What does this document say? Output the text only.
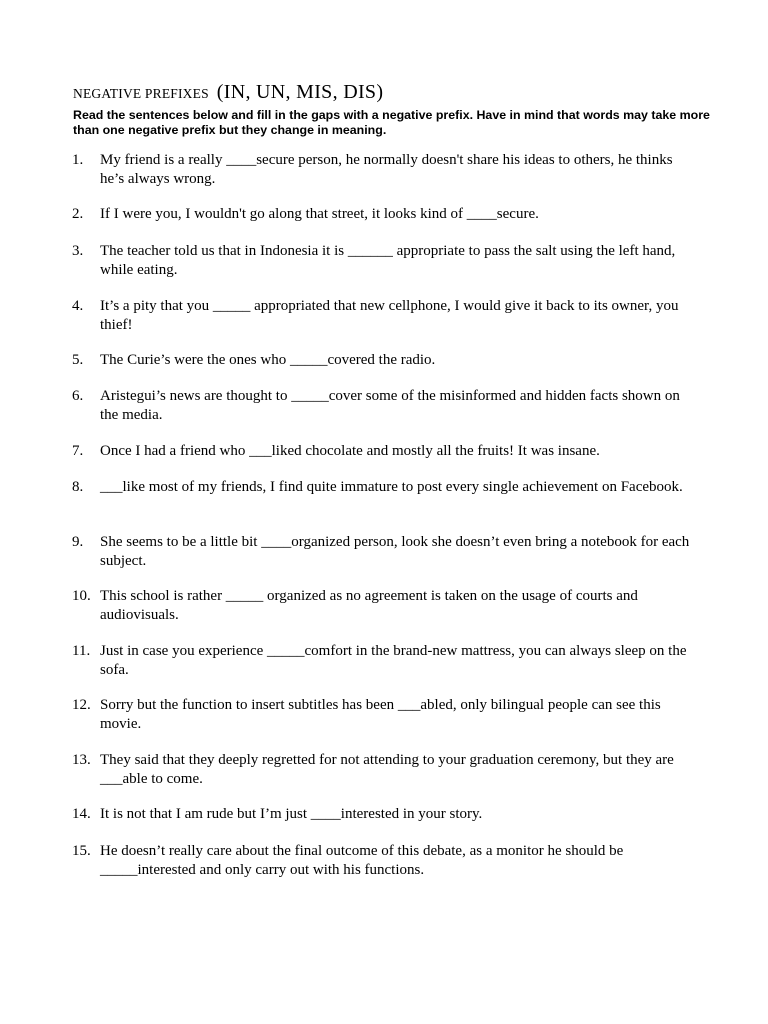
NEGATIVE PREFIXES (IN, UN, MIS, DIS)

Read the sentences below and fill in the gaps with a negative prefix. Have in mind that words may take more than one negative prefix but they change in meaning.

1.	My friend is a really ____secure person, he normally doesn't share his ideas to others, he thinks he’s always wrong.
2.	If I were you, I wouldn't go along that street, it looks kind of ____secure.
3.	The teacher told us that in Indonesia it is ______ appropriate to pass the salt using the left hand, while eating.
4.	It’s a pity that you _____ appropriated that new cellphone, I would give it back to its owner, you thief!
5.	The Curie’s were the ones who _____covered the radio.
6.	Aristegui’s news are thought to _____cover some of the misinformed and hidden facts shown on the media.
7.	Once I had a friend who ___liked chocolate and mostly all the fruits! It was insane.
8.	___like most of my friends, I find quite immature to post every single achievement on Facebook.
9.	She seems to be a little bit ____organized person, look she doesn’t even bring a notebook for each subject.
10. This school is rather _____ organized as no agreement is taken on the usage of courts and audiovisuals.
11. Just in case you experience _____comfort in the brand-new mattress, you can always sleep on the sofa.
12. Sorry but the function to insert subtitles has been ___abled, only bilingual people can see this movie.
13. They said that they deeply regretted for not attending to your graduation ceremony, but they are ___able to come.
14. It is not that I am rude but I’m just ____interested in your story.
15. He doesn’t really care about the final outcome of this debate, as a monitor he should be _____interested and only carry out with his functions.
